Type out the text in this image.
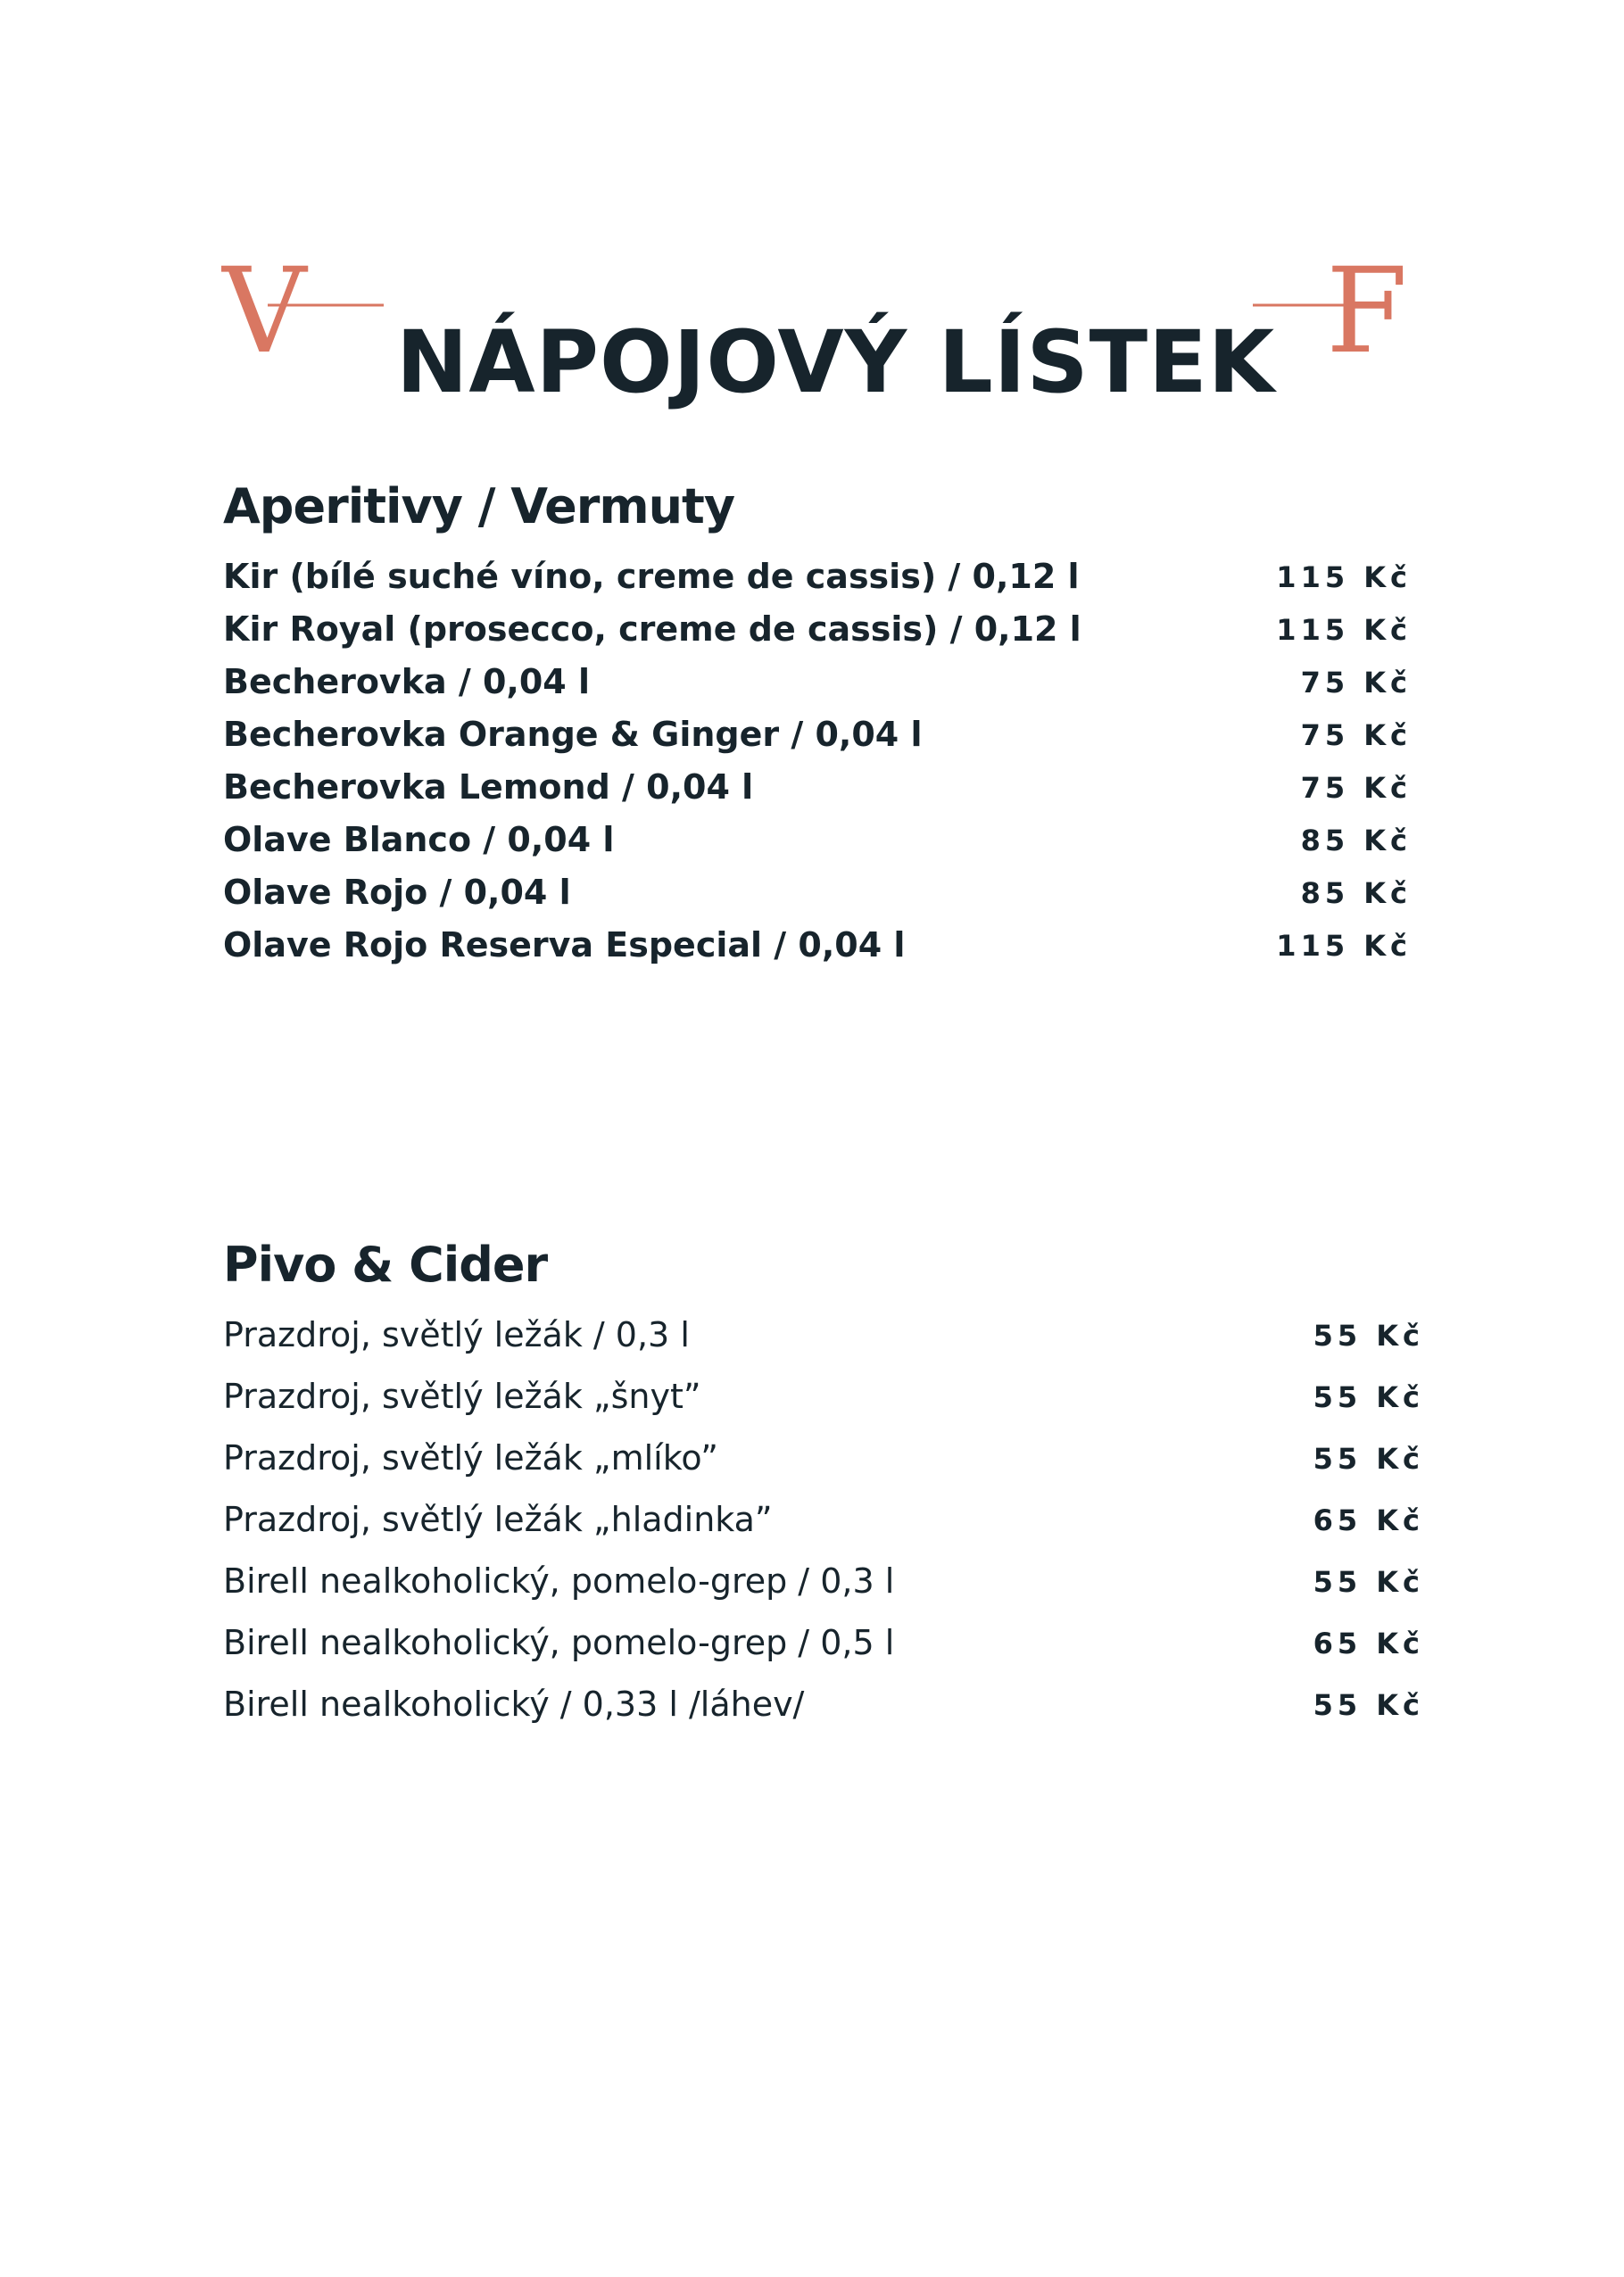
V NÁPOJOVÝ LÍSTEK F
Aperitivy / Vermuty
Kir (bílé suché víno, creme de cassis) / 0,12 l	115 Kč
Kir Royal (prosecco, creme de cassis) / 0,12 l	115 Kč
Becherovka / 0,04 l	75 Kč
Becherovka Orange & Ginger / 0,04 l	75 Kč
Becherovka Lemond / 0,04 l	75 Kč
Olave Blanco / 0,04 l	85 Kč
Olave Rojo / 0,04 l	85 Kč
Olave Rojo Reserva Especial / 0,04 l	115 Kč
Pivo & Cider
Prazdroj, světlý ležák / 0,3 l	55 Kč
Prazdroj, světlý ležák „šnyt”	55 Kč
Prazdroj, světlý ležák „mlíko”	55 Kč
Prazdroj, světlý ležák „hladinka”	65 Kč
Birell nealkoholický, pomelo-grep / 0,3 l	55 Kč
Birell nealkoholický, pomelo-grep / 0,5 l	65 Kč
Birell nealkoholický / 0,33 l /láhev/	55 Kč
